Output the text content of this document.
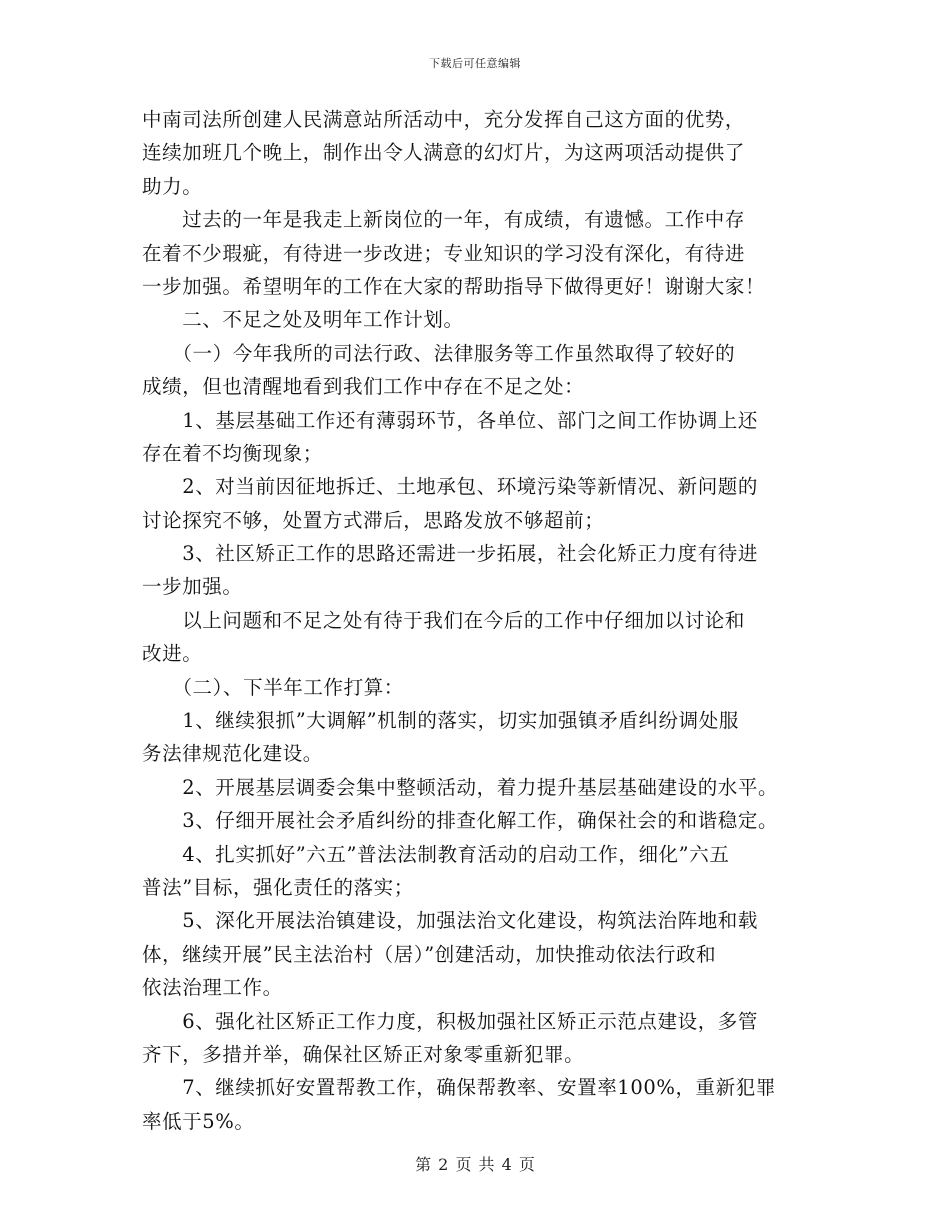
下载后可任意编辑
中南司法所创建人民满意站所活动中，充分发挥自己这方面的优势，
连续加班几个晚上，制作出令人满意的幻灯片，为这两项活动提供了
助力。
　　过去的一年是我走上新岗位的一年，有成绩，有遗憾。工作中存
在着不少瑕疵，有待进一步改进；专业知识的学习没有深化，有待进
一步加强。希望明年的工作在大家的帮助指导下做得更好！谢谢大家！
　　二、不足之处及明年工作计划。
　　（一）今年我所的司法行政、法律服务等工作虽然取得了较好的
成绩，但也清醒地看到我们工作中存在不足之处：
　　1、基层基础工作还有薄弱环节，各单位、部门之间工作协调上还
存在着不均衡现象；
　　2、对当前因征地拆迁、土地承包、环境污染等新情况、新问题的
讨论探究不够，处置方式滞后，思路发放不够超前；
　　3、社区矫正工作的思路还需进一步拓展，社会化矫正力度有待进
一步加强。
　　以上问题和不足之处有待于我们在今后的工作中仔细加以讨论和
改进。
　　（二）、下半年工作打算：
　　1、继续狠抓”大调解”机制的落实，切实加强镇矛盾纠纷调处服
务法律规范化建设。
　　2、开展基层调委会集中整顿活动，着力提升基层基础建设的水平。
　　3、仔细开展社会矛盾纠纷的排查化解工作，确保社会的和谐稳定。
　　4、扎实抓好”六五”普法法制教育活动的启动工作，细化”六五
普法”目标，强化责任的落实；
　　5、深化开展法治镇建设，加强法治文化建设，构筑法治阵地和载
体，继续开展”民主法治村（居）”创建活动，加快推动依法行政和
依法治理工作。
　　6、强化社区矫正工作力度，积极加强社区矫正示范点建设，多管
齐下，多措并举，确保社区矫正对象零重新犯罪。
　　7、继续抓好安置帮教工作，确保帮教率、安置率100%，重新犯罪
率低于5%。
第 2 页 共 4 页
